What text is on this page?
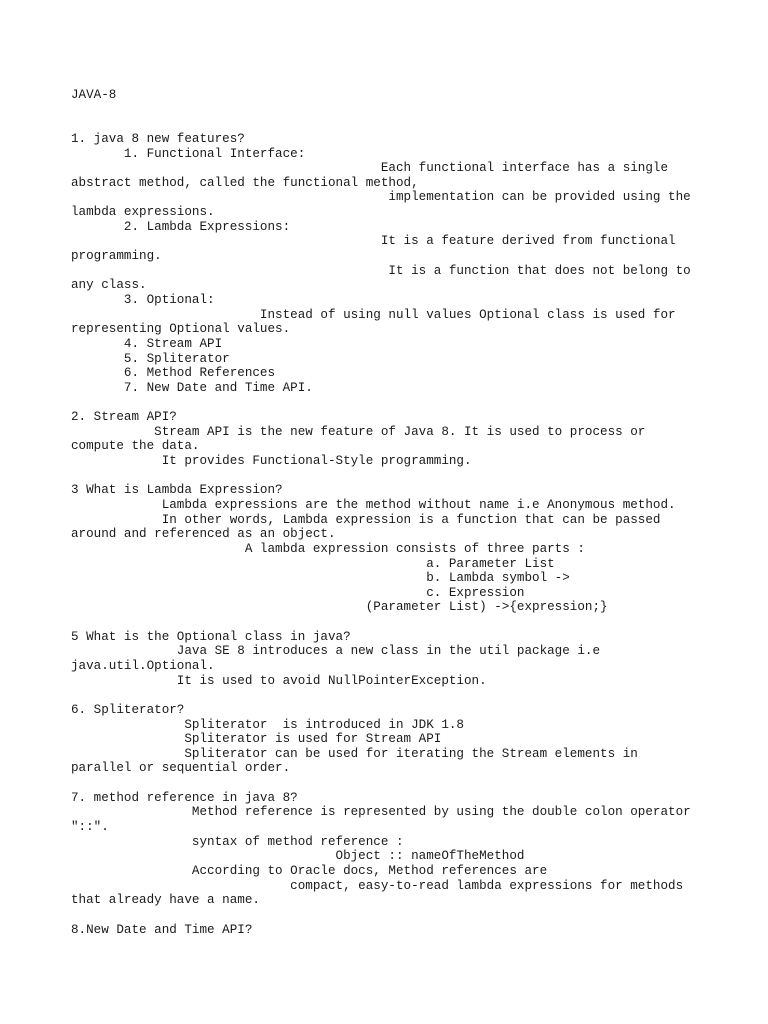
JAVA-8
1. java 8 new features?
1. Functional Interface:
Each functional interface has a single
abstract method, called the functional method,
implementation can be provided using the
lambda expressions.
2. Lambda Expressions:
It is a feature derived from functional
programming.
It is a function that does not belong to
any class.
3. Optional:
Instead of using null values Optional class is used for
representing Optional values.
4. Stream API
5. Spliterator
6. Method References
7. New Date and Time API.
2. Stream API?
Stream API is the new feature of Java 8. It is used to process or
compute the data.
It provides Functional-Style programming.
3 What is Lambda Expression?
Lambda expressions are the method without name i.e Anonymous method.
In other words, Lambda expression is a function that can be passed
around and referenced as an object.
A lambda expression consists of three parts :
a. Parameter List
b. Lambda symbol ->
c. Expression
(Parameter List) ->{expression;}
5 What is the Optional class in java?
Java SE 8 introduces a new class in the util package i.e
java.util.Optional.
It is used to avoid NullPointerException.
6. Spliterator?
Spliterator  is introduced in JDK 1.8
Spliterator is used for Stream API
Spliterator can be used for iterating the Stream elements in
parallel or sequential order.
7. method reference in java 8?
Method reference is represented by using the double colon operator
"::".
syntax of method reference :
Object :: nameOfTheMethod
According to Oracle docs, Method references are
compact, easy-to-read lambda expressions for methods
that already have a name.
8.New Date and Time API?
